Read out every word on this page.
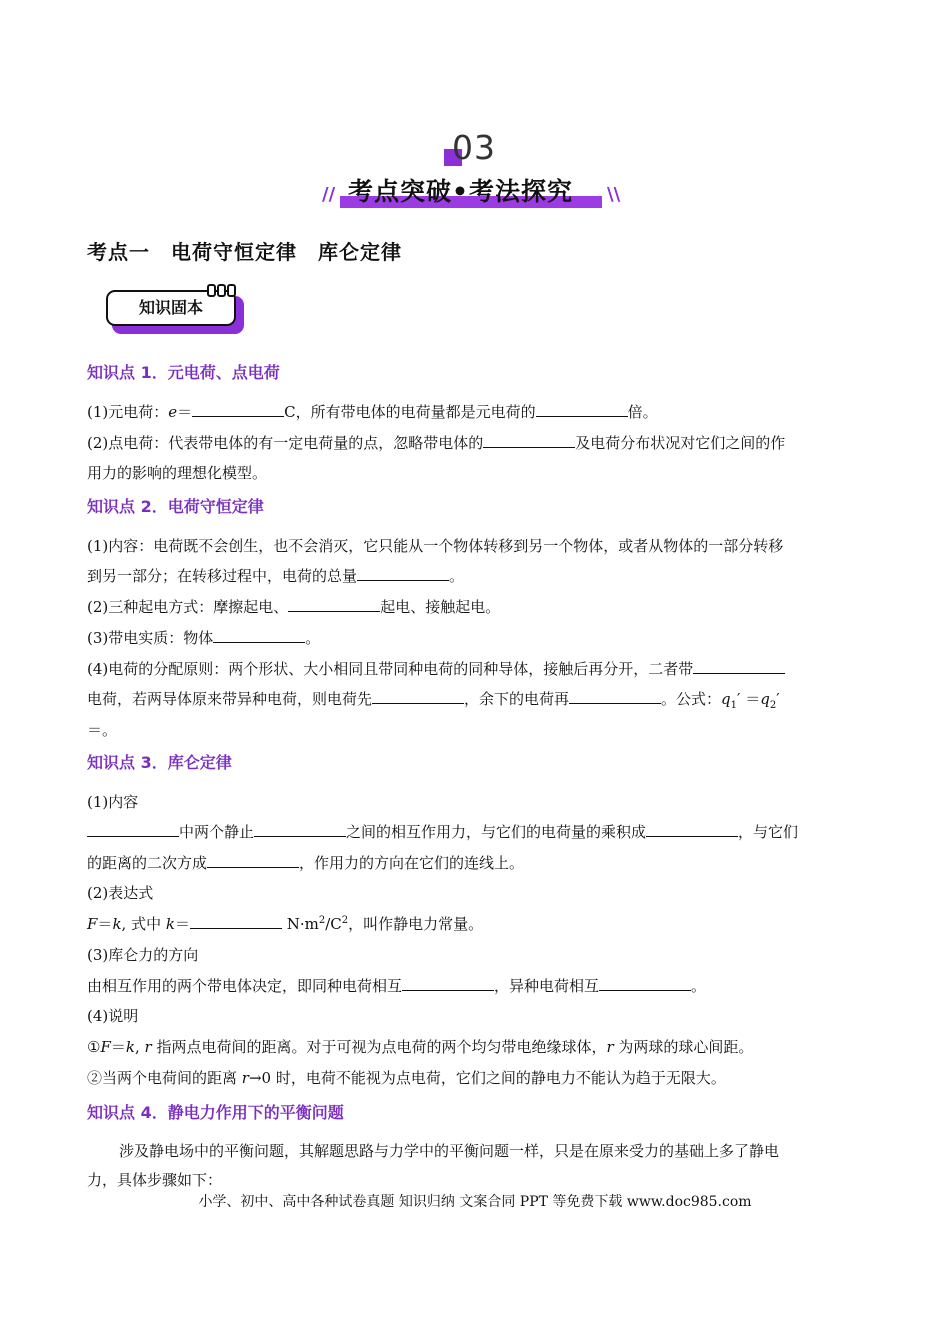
03
// 考点突破•考法探究 \\
考点一　电荷守恒定律　库仑定律
知识固本
知识点 1．元电荷、点电荷
(1)元电荷：e＝	C，所有带电体的电荷量都是元电荷的	倍。
(2)点电荷：代表带电体的有一定电荷量的点，忽略带电体的	及电荷分布状况对它们之间的作
用力的影响的理想化模型。
知识点 2．电荷守恒定律
(1)内容：电荷既不会创生，也不会消灭，它只能从一个物体转移到另一个物体，或者从物体的一部分转移
到另一部分；在转移过程中，电荷的总量	。
(2)三种起电方式：摩擦起电、	起电、接触起电。
(3)带电实质：物体	。
(4)电荷的分配原则：两个形状、大小相同且带同种电荷的同种导体，接触后再分开，二者带
电荷，若两导体原来带异种电荷，则电荷先	，余下的电荷再	。公式：$q_1' =q_2'$
＝。
知识点 3．库仑定律
(1)内容
中两个静止	之间的相互作用力，与它们的电荷量的乘积成	，与它们
的距离的二次方成	，作用力的方向在它们的连线上。
(2)表达式
F＝k, 式中 k＝	$N\cdot m^2/C^2$，叫作静电力常量。
(3)库仑力的方向
由相互作用的两个带电体决定，即同种电荷相互	，异种电荷相互	。
(4)说明
①F＝k, r 指两点电荷间的距离。对于可视为点电荷的两个均匀带电绝缘球体，r 为两球的球心间距。
②当两个电荷间的距离 r→0 时，电荷不能视为点电荷，它们之间的静电力不能认为趋于无限大。
知识点 4．静电力作用下的平衡问题
涉及静电场中的平衡问题，其解题思路与力学中的平衡问题一样，只是在原来受力的基础上多了静电
力，具体步骤如下：
小学、初中、高中各种试卷真题 知识归纳 文案合同 PPT 等免费下载 www.doc985.com
